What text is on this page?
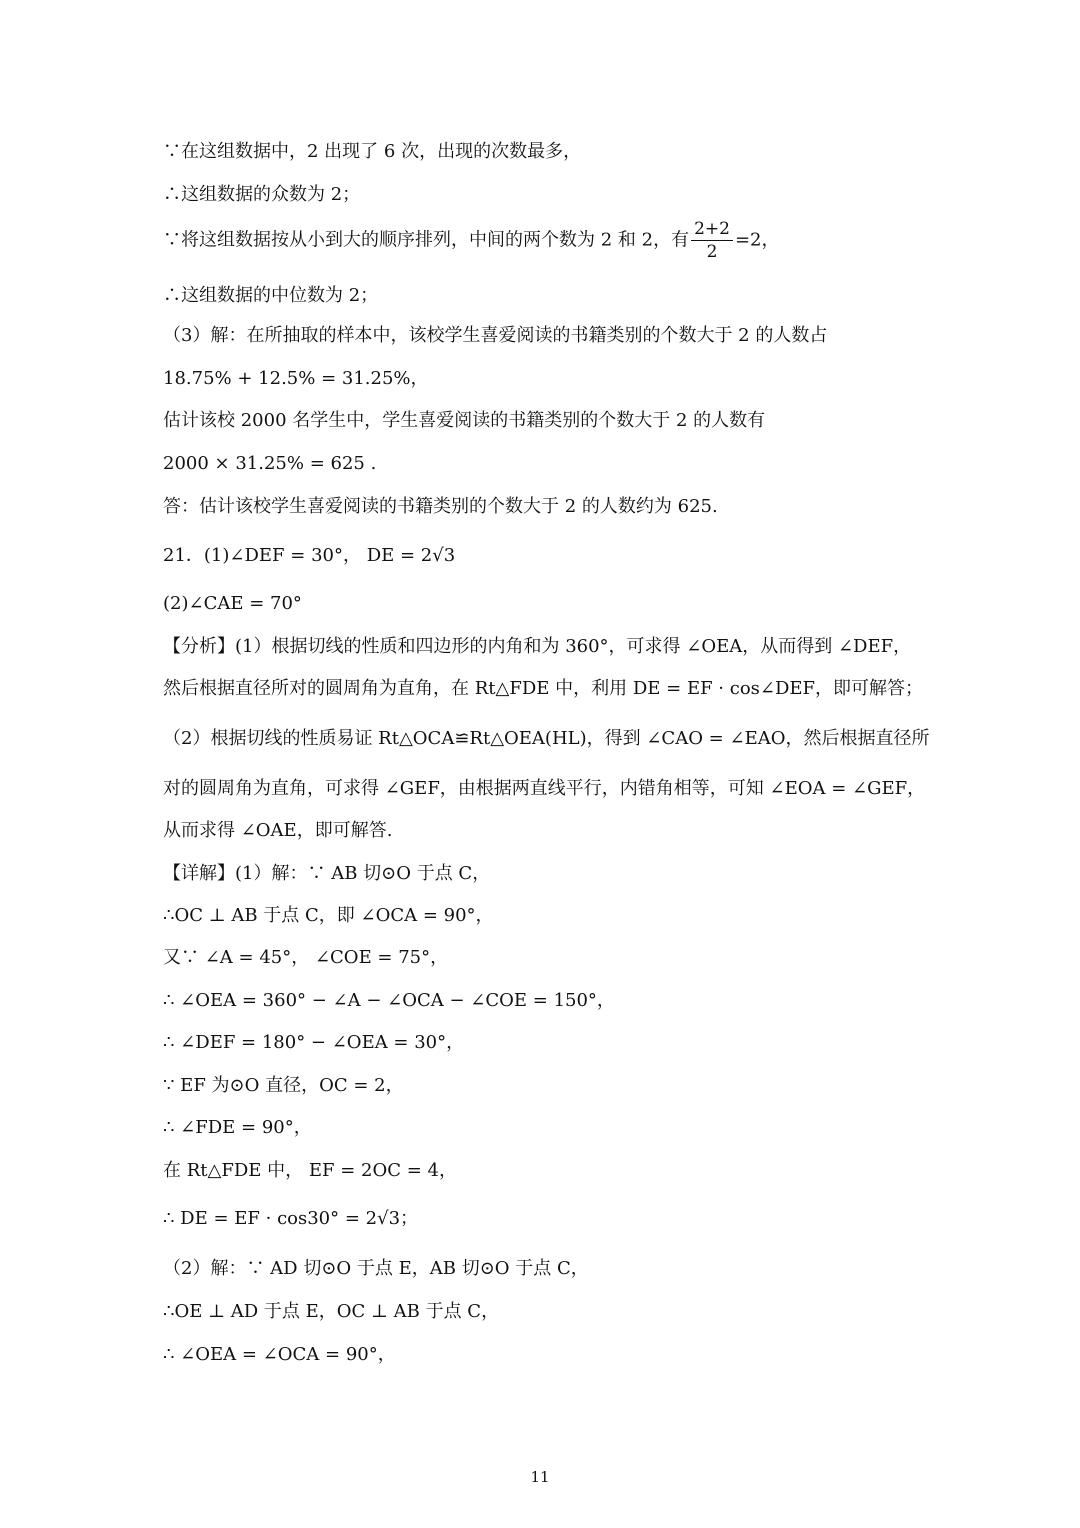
∵在这组数据中，2 出现了 6 次，出现的次数最多，
∴这组数据的众数为 2；
∵将这组数据按从小到大的顺序排列，中间的两个数为 2 和 2，有 $\frac{2+2}{2} =2$，
∴这组数据的中位数为 2；
（3）解：在所抽取的样本中，该校学生喜爱阅读的书籍类别的个数大于 2 的人数占
18.75% + 12.5% = 31.25%，
估计该校 2000 名学生中，学生喜爱阅读的书籍类别的个数大于 2 的人数有
2000 × 31.25% = 625 .
答：估计该校学生喜爱阅读的书籍类别的个数大于 2 的人数约为 625.
21．(1)∠DEF = 30°， DE = 2√3
(2)∠CAE = 70°
【分析】(1）根据切线的性质和四边形的内角和为 360°，可求得 ∠OEA，从而得到 ∠DEF，
然后根据直径所对的圆周角为直角，在 Rt△FDE 中，利用 DE = EF · cos∠DEF，即可解答；
（2）根据切线的性质易证 Rt△OCA≌Rt△OEA(HL)，得到 ∠CAO = ∠EAO，然后根据直径所
对的圆周角为直角，可求得 ∠GEF，由根据两直线平行，内错角相等，可知 ∠EOA = ∠GEF，
从而求得 ∠OAE，即可解答.
【详解】(1）解：∵ AB 切⊙O 于点 C，
∴OC ⊥ AB 于点 C，即 ∠OCA = 90°，
又∵ ∠A = 45°， ∠COE = 75°，
∴ ∠OEA = 360° − ∠A − ∠OCA − ∠COE = 150°，
∴ ∠DEF = 180° − ∠OEA = 30°，
∵ EF 为⊙O 直径，OC = 2，
∴ ∠FDE = 90°，
在 Rt△FDE 中， EF = 2OC = 4，
∴ DE = EF · cos30° = 2√3；
（2）解：∵ AD 切⊙O 于点 E，AB 切⊙O 于点 C，
∴OE ⊥ AD 于点 E，OC ⊥ AB 于点 C，
∴ ∠OEA = ∠OCA = 90°，
11
